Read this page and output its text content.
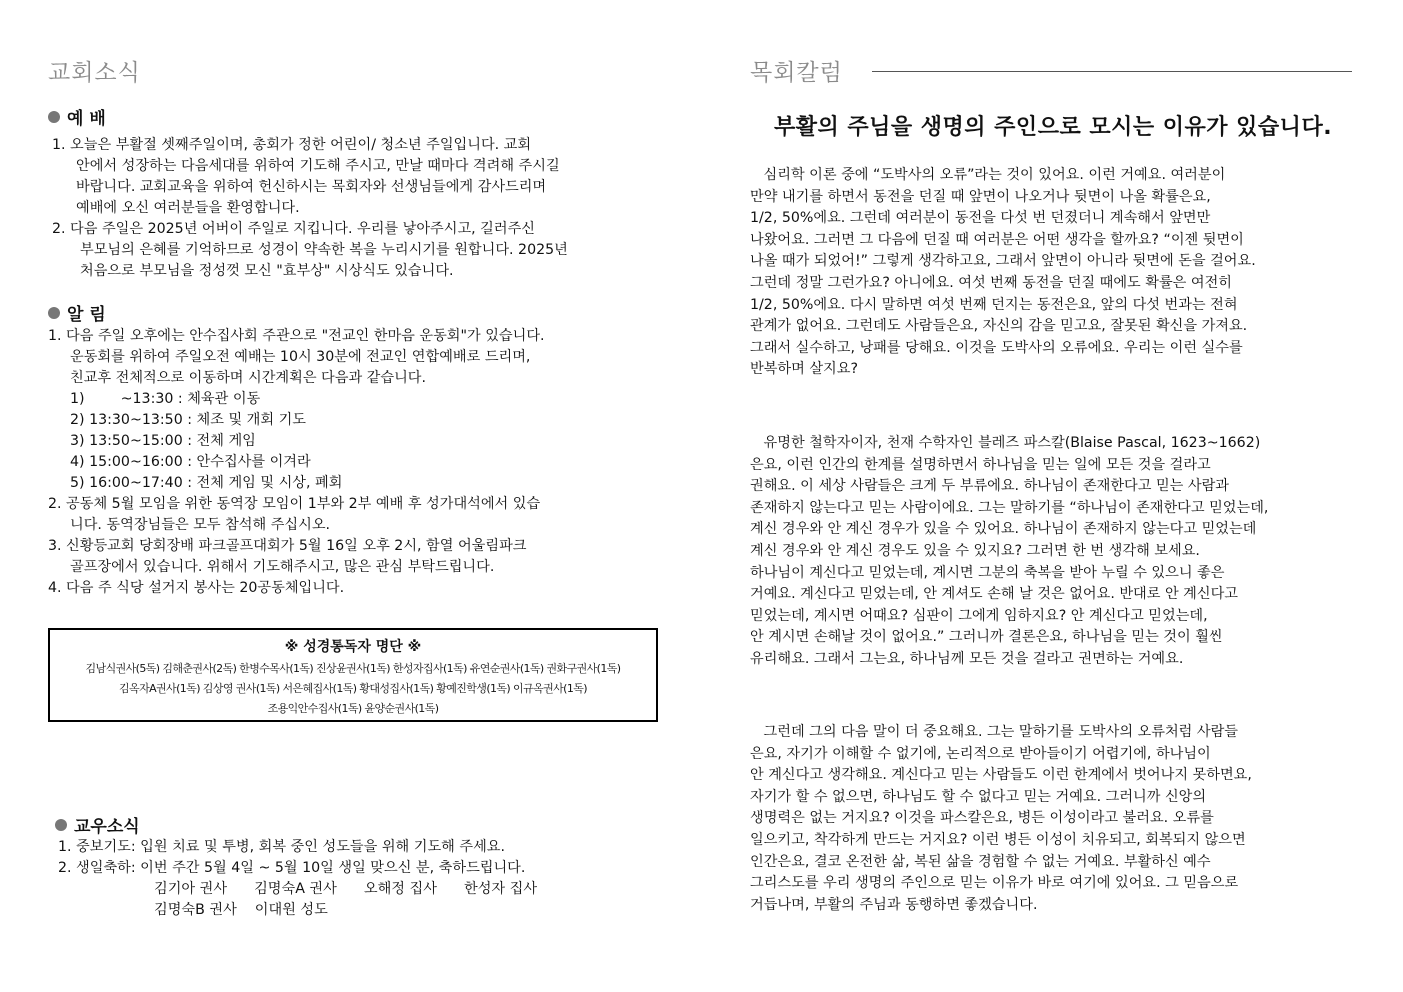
교회소식
예 배
1. 오늘은 부활절 셋째주일이며, 총회가 정한 어린이/ 청소년 주일입니다. 교회
안에서 성장하는 다음세대를 위하여 기도해 주시고, 만날 때마다 격려해 주시길
바랍니다. 교회교육을 위하여 헌신하시는 목회자와 선생님들에게 감사드리며
예배에 오신 여러분들을 환영합니다.
2. 다음 주일은 2025년 어버이 주일로 지킵니다. 우리를 낳아주시고, 길러주신
부모님의 은혜를 기억하므로 성경이 약속한 복을 누리시기를 원합니다. 2025년
처음으로 부모님을 정성껏 모신 "효부상" 시상식도 있습니다.
알 림
1. 다음 주일 오후에는 안수집사회 주관으로 "전교인 한마음 운동회"가 있습니다.
운동회를 위하여 주일오전 예배는 10시 30분에 전교인 연합예배로 드리며,
친교후 전체적으로 이동하며 시간계획은 다음과 같습니다.
1)        ~13:30 : 체육관 이동
2) 13:30~13:50 : 체조 및 개회 기도
3) 13:50~15:00 : 전체 게임
4) 15:00~16:00 : 안수집사를 이겨라
5) 16:00~17:40 : 전체 게임 및 시상, 폐회
2. 공동체 5월 모임을 위한 동역장 모임이 1부와 2부 예배 후 성가대석에서 있습
니다. 동역장님들은 모두 참석해 주십시오.
3. 신황등교회 당회장배 파크골프대회가 5월 16일 오후 2시, 함열 어울림파크
골프장에서 있습니다. 위해서 기도해주시고, 많은 관심 부탁드립니다.
4. 다음 주 식당 설거지 봉사는 20공동체입니다.
※ 성경통독자 명단 ※
김남식권사(5독) 김해춘권사(2독) 한병수목사(1독) 진상윤권사(1독) 한성자집사(1독) 유연순권사(1독) 권화구권사(1독)
김옥자A권사(1독) 김상영 권사(1독) 서은혜집사(1독) 황대성집사(1독) 황예진학생(1독) 이규옥권사(1독)
조용익안수집사(1독) 윤양순권사(1독)
교우소식
1. 중보기도: 입원 치료 및 투병, 회복 중인 성도들을 위해 기도해 주세요.
2. 생일축하: 이번 주간 5월 4일 ~ 5월 10일 생일 맞으신 분, 축하드립니다.
김기아 권사      김명숙A 권사      오해정 집사      한성자 집사
김명숙B 권사    이대원 성도
목회칼럼
부활의 주님을 생명의 주인으로 모시는 이유가 있습니다.
심리학 이론 중에 “도박사의 오류”라는 것이 있어요. 이런 거예요. 여러분이
만약 내기를 하면서 동전을 던질 때 앞면이 나오거나 뒷면이 나올 확률은요,
1/2, 50%에요. 그런데 여러분이 동전을 다섯 번 던졌더니 계속해서 앞면만
나왔어요. 그러면 그 다음에 던질 때 여러분은 어떤 생각을 할까요? “이젠 뒷면이
나올 때가 되었어!” 그렇게 생각하고요, 그래서 앞면이 아니라 뒷면에 돈을 걸어요.
그런데 정말 그런가요? 아니에요. 여섯 번째 동전을 던질 때에도 확률은 여전히
1/2, 50%에요. 다시 말하면 여섯 번째 던지는 동전은요, 앞의 다섯 번과는 전혀
관계가 없어요. 그런데도 사람들은요, 자신의 감을 믿고요, 잘못된 확신을 가져요.
그래서 실수하고, 낭패를 당해요. 이것을 도박사의 오류에요. 우리는 이런 실수를
반복하며 살지요?
유명한 철학자이자, 천재 수학자인 블레즈 파스칼(Blaise Pascal, 1623~1662)
은요, 이런 인간의 한계를 설명하면서 하나님을 믿는 일에 모든 것을 걸라고
권해요. 이 세상 사람들은 크게 두 부류에요. 하나님이 존재한다고 믿는 사람과
존재하지 않는다고 믿는 사람이에요. 그는 말하기를 “하나님이 존재한다고 믿었는데,
계신 경우와 안 계신 경우가 있을 수 있어요. 하나님이 존재하지 않는다고 믿었는데
계신 경우와 안 계신 경우도 있을 수 있지요? 그러면 한 번 생각해 보세요.
하나님이 계신다고 믿었는데, 계시면 그분의 축복을 받아 누릴 수 있으니 좋은
거예요. 계신다고 믿었는데, 안 계셔도 손해 날 것은 없어요. 반대로 안 계신다고
믿었는데, 계시면 어때요? 심판이 그에게 임하지요? 안 계신다고 믿었는데,
안 계시면 손해날 것이 없어요.” 그러니까 결론은요, 하나님을 믿는 것이 훨씬
유리해요. 그래서 그는요, 하나님께 모든 것을 걸라고 권면하는 거예요.
그런데 그의 다음 말이 더 중요해요. 그는 말하기를 도박사의 오류처럼 사람들
은요, 자기가 이해할 수 없기에, 논리적으로 받아들이기 어렵기에, 하나님이
안 계신다고 생각해요. 계신다고 믿는 사람들도 이런 한계에서 벗어나지 못하면요,
자기가 할 수 없으면, 하나님도 할 수 없다고 믿는 거예요. 그러니까 신앙의
생명력은 없는 거지요? 이것을 파스칼은요, 병든 이성이라고 불러요. 오류를
일으키고, 착각하게 만드는 거지요? 이런 병든 이성이 치유되고, 회복되지 않으면
인간은요, 결코 온전한 삶, 복된 삶을 경험할 수 없는 거예요. 부활하신 예수
그리스도를 우리 생명의 주인으로 믿는 이유가 바로 여기에 있어요. 그 믿음으로
거듭나며, 부활의 주님과 동행하면 좋겠습니다.
